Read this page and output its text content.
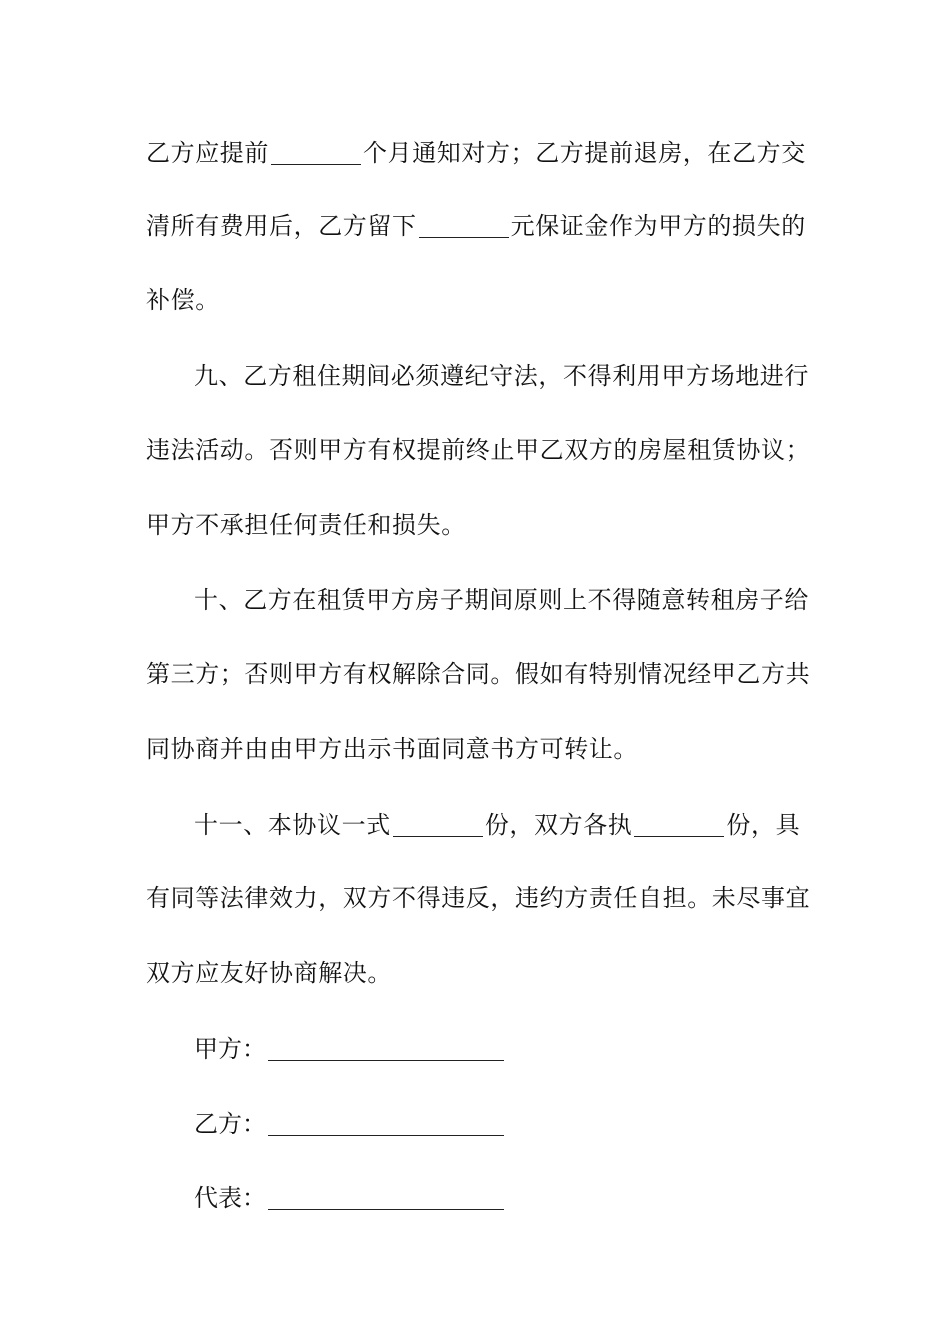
乙方应提前	个月通知对方；乙方提前退房，在乙方交
清所有费用后，乙方留下	元保证金作为甲方的损失的
补偿。
九、乙方租住期间必须遵纪守法，不得利用甲方场地进行
违法活动。否则甲方有权提前终止甲乙双方的房屋租赁协议；
甲方不承担任何责任和损失。
十、乙方在租赁甲方房子期间原则上不得随意转租房子给
第三方；否则甲方有权解除合同。假如有特别情况经甲乙方共
同协商并由由甲方出示书面同意书方可转让。
十一、本协议一式	份，双方各执	份，具
有同等法律效力，双方不得违反，违约方责任自担。未尽事宜
双方应友好协商解决。
甲方：
乙方：
代表：
